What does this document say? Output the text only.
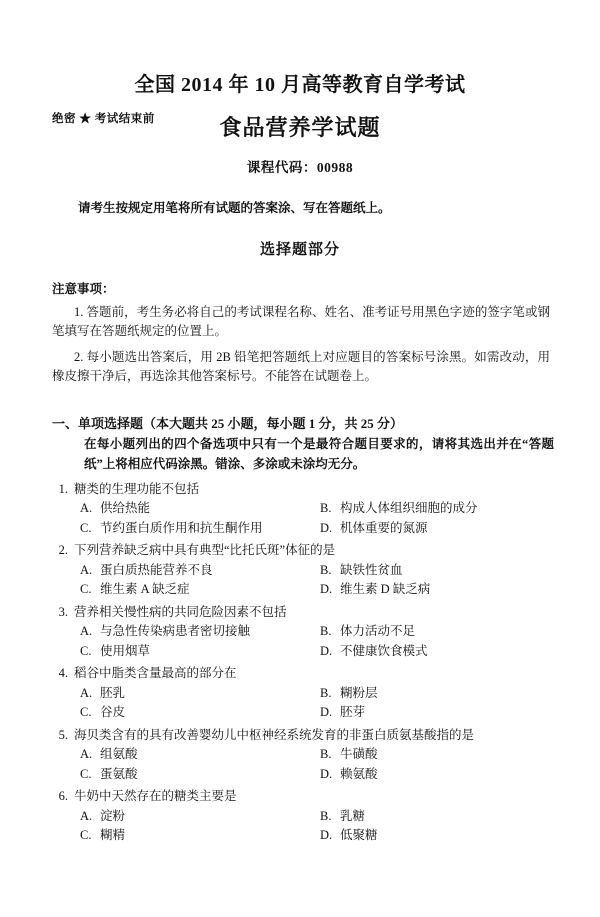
绝密 ★ 考试结束前
全国 2014 年 10 月高等教育自学考试
食品营养学试题
课程代码：00988
请考生按规定用笔将所有试题的答案涂、写在答题纸上。
选择题部分
注意事项：
1. 答题前，考生务必将自己的考试课程名称、姓名、准考证号用黑色字迹的签字笔或钢笔填写在答题纸规定的位置上。
2. 每小题选出答案后，用 2B 铅笔把答题纸上对应题目的答案标号涂黑。如需改动，用橡皮擦干净后，再选涂其他答案标号。不能答在试题卷上。
一、单项选择题（本大题共 25 小题，每小题 1 分，共 25 分）
在每小题列出的四个备选项中只有一个是最符合题目要求的，请将其选出并在“答题纸”上将相应代码涂黑。错涂、多涂或未涂均无分。
1. 糖类的生理功能不包括
A. 供给热能	B. 构成人体组织细胞的成分
C. 节约蛋白质作用和抗生酮作用	D. 机体重要的氮源
2. 下列营养缺乏病中具有典型“比托氏斑”体征的是
A. 蛋白质热能营养不良	B. 缺铁性贫血
C. 维生素 A 缺乏症	D. 维生素 D 缺乏病
3. 营养相关慢性病的共同危险因素不包括
A. 与急性传染病患者密切接触	B. 体力活动不足
C. 使用烟草	D. 不健康饮食模式
4. 稻谷中脂类含量最高的部分在
A. 胚乳	B. 糊粉层
C. 谷皮	D. 胚芽
5. 海贝类含有的具有改善婴幼儿中枢神经系统发育的非蛋白质氨基酸指的是
A. 组氨酸	B. 牛磺酸
C. 蛋氨酸	D. 赖氨酸
6. 牛奶中天然存在的糖类主要是
A. 淀粉	B. 乳糖
C. 糊精	D. 低聚糖
